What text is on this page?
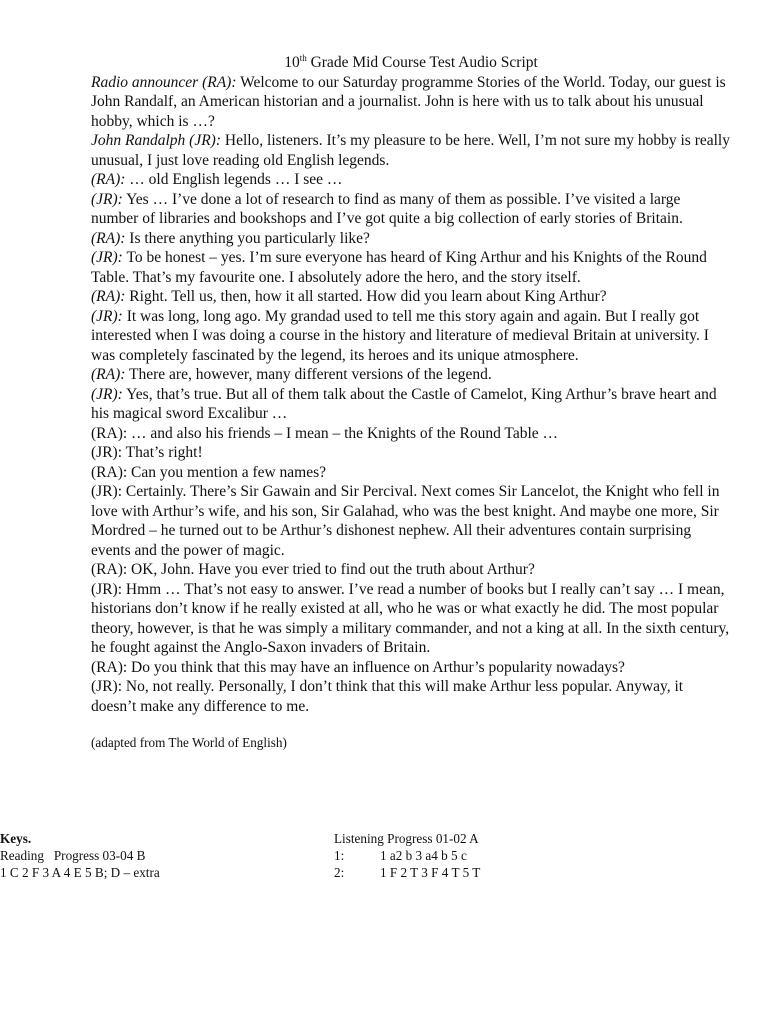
10th Grade Mid Course Test Audio Script

Radio announcer (RA): Welcome to our Saturday programme Stories of the World. Today, our guest is John Randalf, an American historian and a journalist. John is here with us to talk about his unusual hobby, which is …?

John Randalph (JR): Hello, listeners. It’s my pleasure to be here. Well, I’m not sure my hobby is really unusual, I just love reading old English legends.

(RA): … old English legends … I see …

(JR): Yes … I’ve done a lot of research to find as many of them as possible. I’ve visited a large number of libraries and bookshops and I’ve got quite a big collection of early stories of Britain.

(RA): Is there anything you particularly like?

(JR): To be honest – yes. I’m sure everyone has heard of King Arthur and his Knights of the Round Table. That’s my favourite one. I absolutely adore the hero, and the story itself.

(RA): Right. Tell us, then, how it all started. How did you learn about King Arthur?

(JR): It was long, long ago. My grandad used to tell me this story again and again. But I really got interested when I was doing a course in the history and literature of medieval Britain at university. I was completely fascinated by the legend, its heroes and its unique atmosphere.

(RA): There are, however, many different versions of the legend.

(JR): Yes, that’s true. But all of them talk about the Castle of Camelot, King Arthur’s brave heart and his magical sword Excalibur …

(RA): … and also his friends – I mean – the Knights of the Round Table …

(JR): That’s right!

(RA): Can you mention a few names?

(JR): Certainly. There’s Sir Gawain and Sir Percival. Next comes Sir Lancelot, the Knight who fell in love with Arthur’s wife, and his son, Sir Galahad, who was the best knight. And maybe one more, Sir Mordred – he turned out to be Arthur’s dishonest nephew. All their adventures contain surprising events and the power of magic.

(RA): OK, John. Have you ever tried to find out the truth about Arthur?

(JR): Hmm … That’s not easy to answer. I’ve read a number of books but I really can’t say … I mean, historians don’t know if he really existed at all, who he was or what exactly he did. The most popular theory, however, is that he was simply a military commander, and not a king at all. In the sixth century, he fought against the Anglo-Saxon invaders of Britain.

(RA): Do you think that this may have an influence on Arthur’s popularity nowadays?

(JR): No, not really. Personally, I don’t think that this will make Arthur less popular. Anyway, it doesn’t make any difference to me.

(adapted from The World of English)

Keys.
Reading   Progress 03-04 B
1 C 2 F 3 A 4 E 5 B; D – extra
Listening Progress 01-02 A
1:	1 a2 b 3 a4 b 5 c
2:	1 F 2 T 3 F 4 T 5 T
